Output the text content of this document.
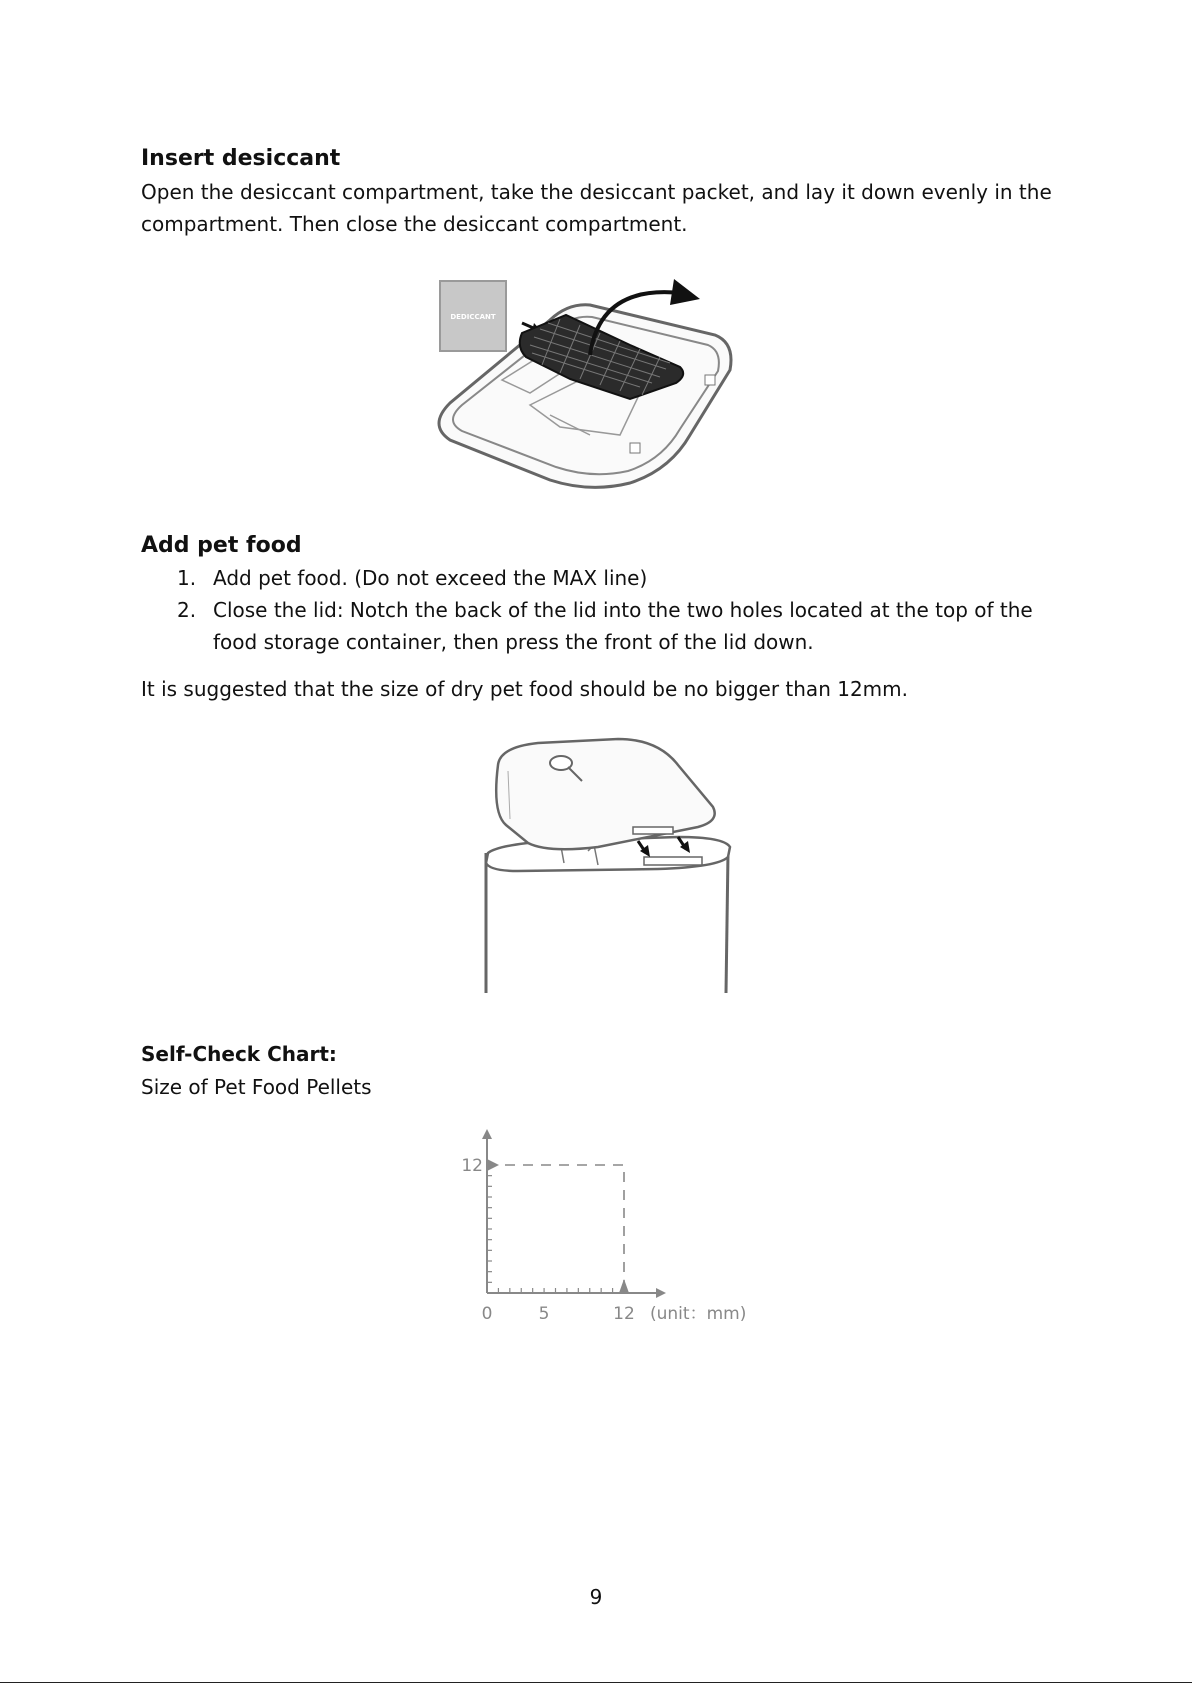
Insert desiccant

Open the desiccant compartment, take the desiccant packet, and lay it down evenly in the

compartment. Then close the desiccant compartment.

DEDICCANT
Add pet food
1. Add pet food. (Do not exceed the MAX line)
2. Close the lid: Notch the back of the lid into the two holes located at the top of the
food storage container, then press the front of the lid down.

It is suggested that the size of dry pet food should be no bigger than 12mm.

Self-Check Chart:

Size of Pet Food Pellets

0	5	12
12
(unit：mm)
9
